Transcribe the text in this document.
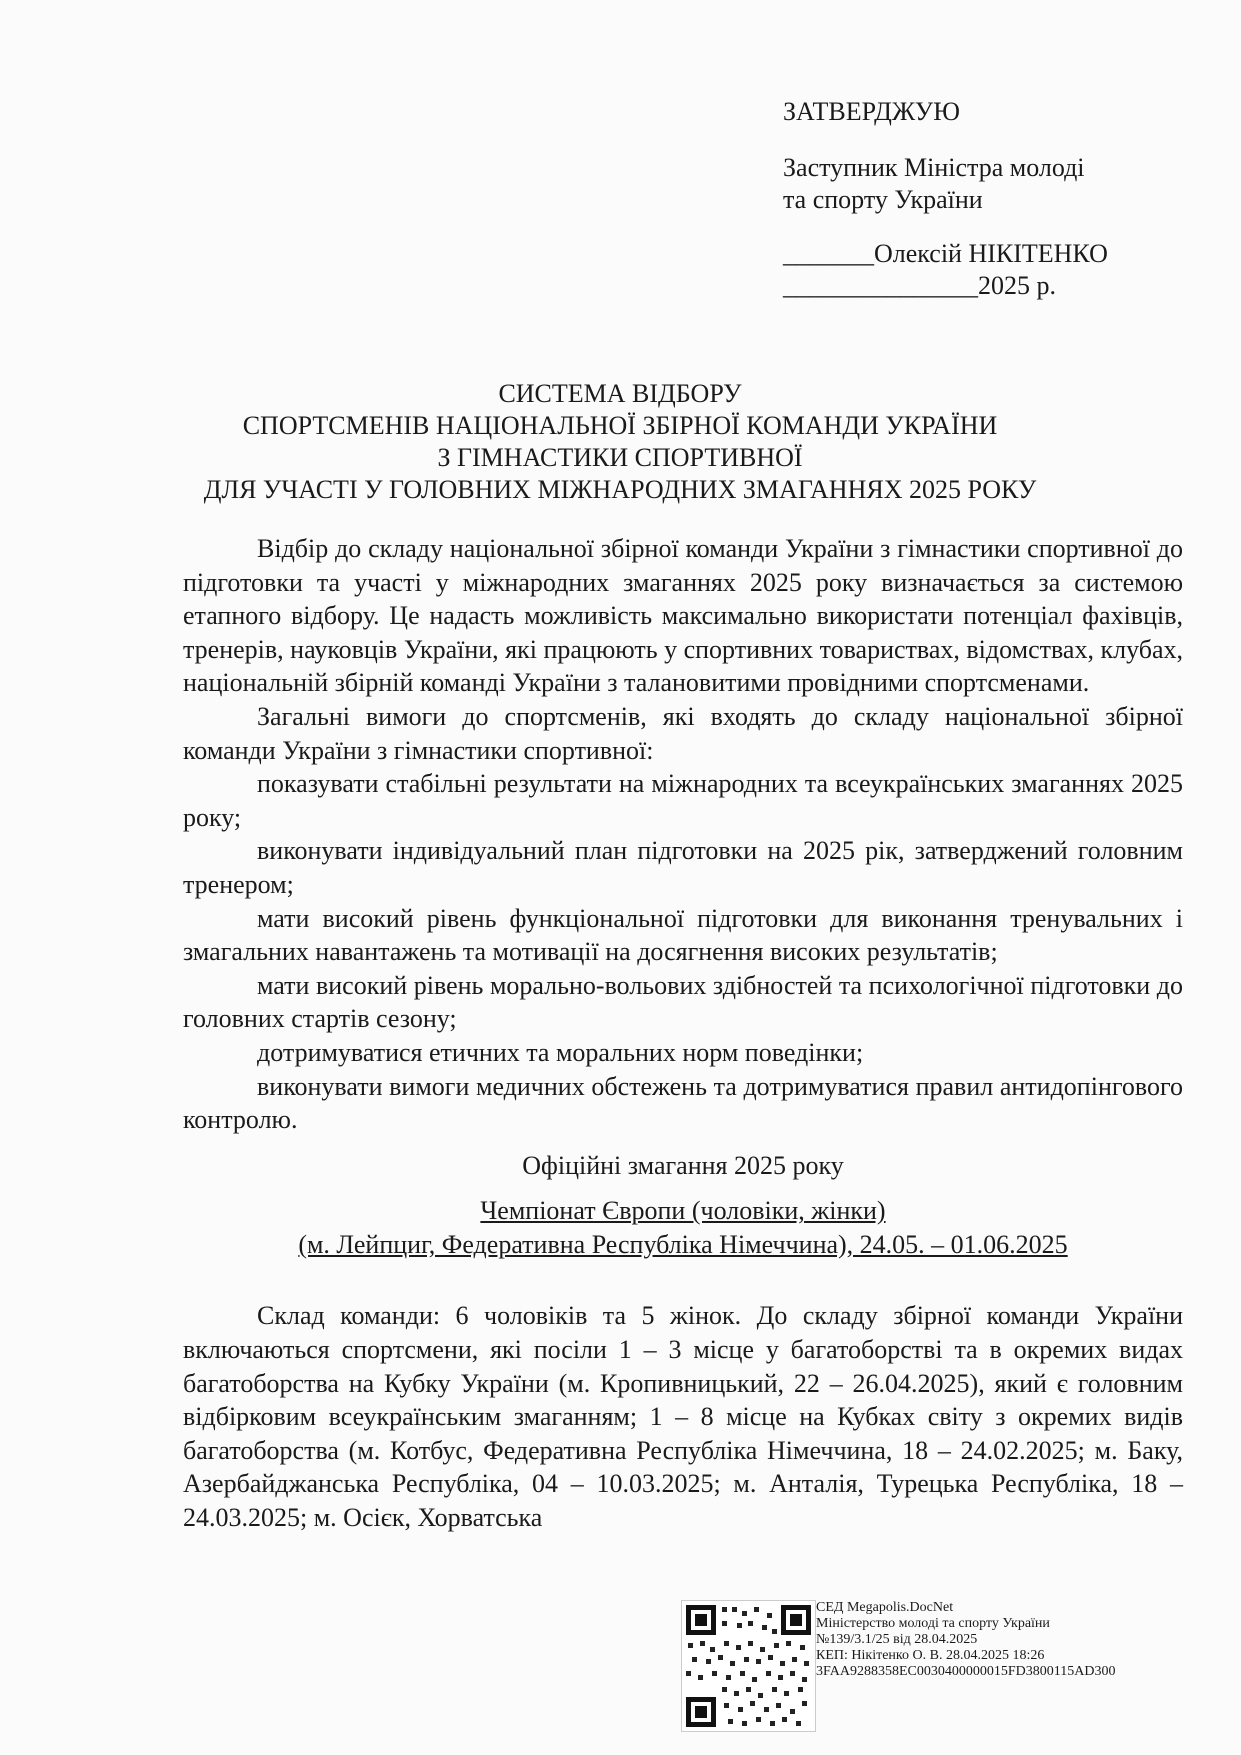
ЗАТВЕРДЖУЮ
Заступник Міністра молоді
та спорту України
_______Олексій НІКІТЕНКО
_______________2025 р.
СИСТЕМА ВІДБОРУ
СПОРТСМЕНІВ НАЦІОНАЛЬНОЇ ЗБІРНОЇ КОМАНДИ УКРАЇНИ
З ГІМНАСТИКИ СПОРТИВНОЇ
ДЛЯ УЧАСТІ У ГОЛОВНИХ МІЖНАРОДНИХ ЗМАГАННЯХ 2025 РОКУ

Відбір до складу національної збірної команди України з гімнастики спортивної до підготовки та участі у міжнародних змаганнях 2025 року визначається за системою етапного відбору. Це надасть можливість максимально використати потенціал фахівців, тренерів, науковців України, які працюють у спортивних товариствах, відомствах, клубах, національній збірній команді України з талановитими провідними спортсменами.

Загальні вимоги до спортсменів, які входять до складу національної збірної команди України з гімнастики спортивної:

показувати стабільні результати на міжнародних та всеукраїнських змаганнях 2025 року;

виконувати індивідуальний план підготовки на 2025 рік, затверджений головним тренером;

мати високий рівень функціональної підготовки для виконання тренувальних і змагальних навантажень та мотивації на досягнення високих результатів;

мати високий рівень морально-вольових здібностей та психологічної підготовки до головних стартів сезону;

дотримуватися етичних та моральних норм поведінки;

виконувати вимоги медичних обстежень та дотримуватися правил антидопінгового контролю.

Офіційні змагання 2025 року

Чемпіонат Європи (чоловіки, жінки)

(м. Лейпциг, Федеративна Республіка Німеччина), 24.05. – 01.06.2025

Склад команди: 6 чоловіків та 5 жінок. До складу збірної команди України включаються спортсмени, які посіли 1 – 3 місце у багатоборстві та в окремих видах багатоборства на Кубку України (м. Кропивницький, 22 – 26.04.2025), який є головним відбірковим всеукраїнським змаганням; 1 – 8 місце на Кубках світу з окремих видів багатоборства (м. Котбус, Федеративна Республіка Німеччина, 18 – 24.02.2025; м. Баку, Азербайджанська Республіка, 04 – 10.03.2025; м. Анталія, Турецька Республіка, 18 – 24.03.2025; м. Осієк, Хорватська

СЕД Megapolis.DocNet
Міністерство молоді та спорту України
№139/3.1/25 від 28.04.2025
КЕП: Нікітенко О. В. 28.04.2025 18:26
3FAA9288358EC0030400000015FD3800115AD300
